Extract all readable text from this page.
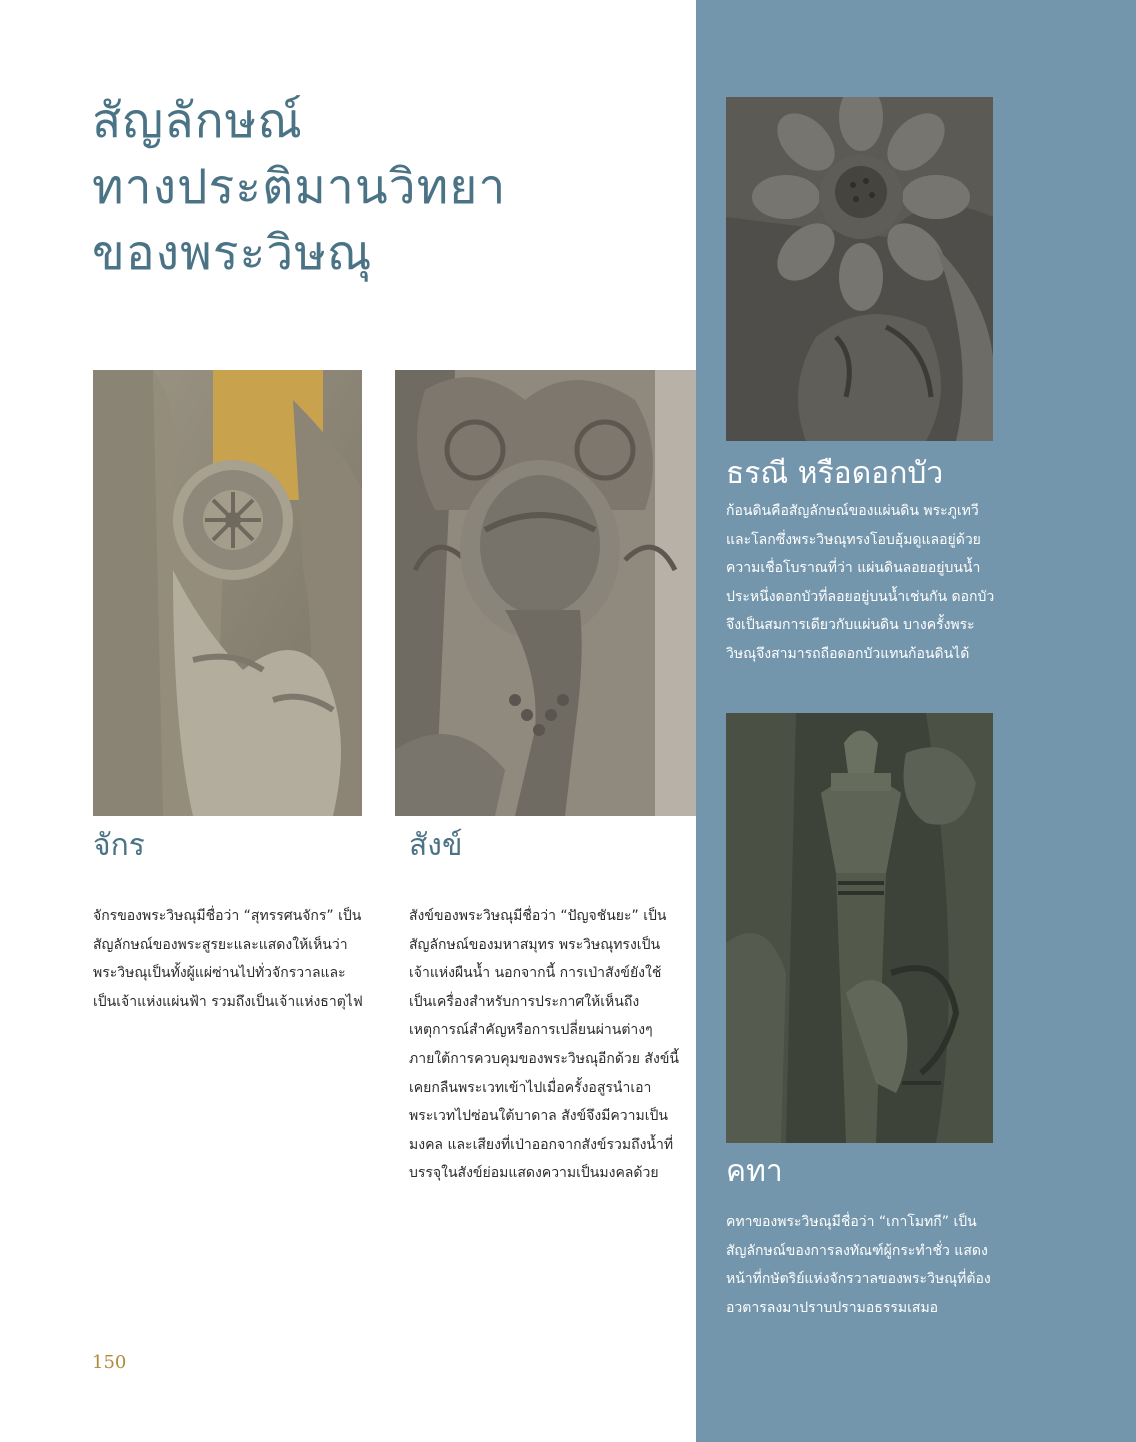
สัญลักษณ์
ทางประติมานวิทยา
ของพระวิษณุ
จักร

จักรของพระวิษณุมีชื่อว่า “สุทรรศนจักร” เป็นสัญลักษณ์ของพระสูรยะและแสดงให้เห็นว่าพระวิษณุเป็นทั้งผู้แผ่ซ่านไปทั่วจักรวาลและเป็นเจ้าแห่งแผ่นฟ้า รวมถึงเป็นเจ้าแห่งธาตุไฟ

สังข์

สังข์ของพระวิษณุมีชื่อว่า “ปัญจชันยะ” เป็นสัญลักษณ์ของมหาสมุทร พระวิษณุทรงเป็นเจ้าแห่งผืนน้ำ นอกจากนี้ การเป่าสังข์ยังใช้เป็นเครื่องสำหรับการประกาศให้เห็นถึงเหตุการณ์สำคัญหรือการเปลี่ยนผ่านต่างๆ ภายใต้การควบคุมของพระวิษณุอีกด้วย สังข์นี้เคยกลืนพระเวทเข้าไปเมื่อครั้งอสูรนำเอาพระเวทไปซ่อนใต้บาดาล สังข์จึงมีความเป็นมงคล และเสียงที่เป่าออกจากสังข์รวมถึงน้ำที่บรรจุในสังข์ย่อมแสดงความเป็นมงคลด้วย

ธรณี หรือดอกบัว

ก้อนดินคือสัญลักษณ์ของแผ่นดิน พระภูเทวีและโลกซึ่งพระวิษณุทรงโอบอุ้มดูแลอยู่ด้วยความเชื่อโบราณที่ว่า แผ่นดินลอยอยู่บนน้ำ ประหนึ่งดอกบัวที่ลอยอยู่บนน้ำเช่นกัน ดอกบัวจึงเป็นสมการเดียวกับแผ่นดิน บางครั้งพระวิษณุจึงสามารถถือดอกบัวแทนก้อนดินได้

คทา

คทาของพระวิษณุมีชื่อว่า “เกาโมทกี” เป็นสัญลักษณ์ของการลงทัณฑ์ผู้กระทำชั่ว แสดงหน้าที่กษัตริย์แห่งจักรวาลของพระวิษณุที่ต้องอวตารลงมาปราบปรามอธรรมเสมอ

150
